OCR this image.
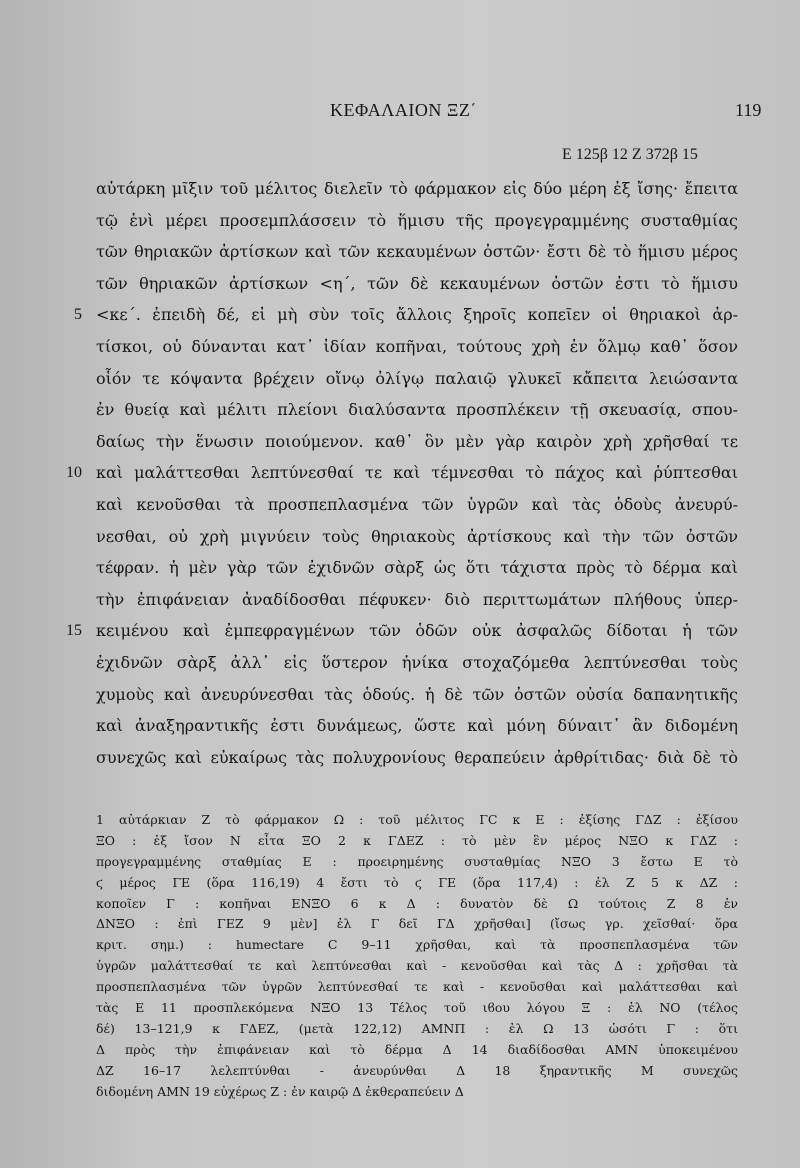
ΚΕΦΑΛΑΙΟΝ ΞΖ΄	119
E 125β 12 Z 372β 15
αὐτάρκη μῖξιν τοῦ μέλιτος διελεῖν τὸ φάρμακον εἰς δύο μέρη ἐξ ἴσης· ἔπειτα
τῷ ἑνὶ μέρει προσεμπλάσσειν τὸ ἥμισυ τῆς προγεγραμμένης συσταθμίας
τῶν θηριακῶν ἀρτίσκων καὶ τῶν κεκαυμένων ὀστῶν· ἔστι δὲ τὸ ἥμισυ μέρος
τῶν θηριακῶν ἀρτίσκων <η΄, τῶν δὲ κεκαυμένων ὀστῶν ἐστι τὸ ἥμισυ
5 <κε΄. ἐπειδὴ δέ, εἰ μὴ σὺν τοῖς ἄλλοις ξηροῖς κοπεῖεν οἱ θηριακοὶ ἀρ-
τίσκοι, οὐ δύνανται κατ᾽ ἰδίαν κοπῆναι, τούτους χρὴ ἐν ὅλμῳ καθ᾽ ὅσον
οἷόν τε κόψαντα βρέχειν οἴνῳ ὀλίγῳ παλαιῷ γλυκεῖ κἄπειτα λειώσαντα
ἐν θυείᾳ καὶ μέλιτι πλείονι διαλύσαντα προσπλέκειν τῇ σκευασίᾳ, σπου-
δαίως τὴν ἕνωσιν ποιούμενον. καθ᾽ ὃν μὲν γὰρ καιρὸν χρὴ χρῆσθαί τε
10 καὶ μαλάττεσθαι λεπτύνεσθαί τε καὶ τέμνεσθαι τὸ πάχος καὶ ῥύπτεσθαι
καὶ κενοῦσθαι τὰ προσπεπλασμένα τῶν ὑγρῶν καὶ τὰς ὁδοὺς ἀνευρύ-
νεσθαι, οὐ χρὴ μιγνύειν τοὺς θηριακοὺς ἀρτίσκους καὶ τὴν τῶν ὀστῶν
τέφραν. ἡ μὲν γὰρ τῶν ἐχιδνῶν σὰρξ ὡς ὅτι τάχιστα πρὸς τὸ δέρμα καὶ
τὴν ἐπιφάνειαν ἀναδίδοσθαι πέφυκεν· διὸ περιττωμάτων πλήθους ὑπερ-
15 κειμένου καὶ ἐμπεφραγμένων τῶν ὁδῶν οὐκ ἀσφαλῶς δίδοται ἡ τῶν
ἐχιδνῶν σὰρξ ἀλλ᾽ εἰς ὕστερον ἡνίκα στοχαζόμεθα λεπτύνεσθαι τοὺς
χυμοὺς καὶ ἀνευρύνεσθαι τὰς ὁδούς. ἡ δὲ τῶν ὀστῶν οὐσία δαπανητικῆς
καὶ ἀναξηραντικῆς ἐστι δυνάμεως, ὥστε καὶ μόνη δύναιτ᾽ ἂν διδομένη
συνεχῶς καὶ εὐκαίρως τὰς πολυχρονίους θεραπεύειν ἀρθρίτιδας· διὰ δὲ τὸ
1 αὐτάρκιαν Z τὸ φάρμακον Ω : τοῦ μέλιτος ΓC κ E : ἐξίσης ΓΔΖ : ἐξίσου
ΞΟ : ἐξ ἴσον N εἶτα ΞΟ 2 κ ΓΔΕΖ : τὸ μὲν ἓν μέρος ΝΞΟ κ ΓΔΖ :
προγεγραμμένης σταθμίας E : προειρημένης συσταθμίας ΝΞΟ 3 ἔστω E τὸ
ϛ μέρος ΓΕ (ὅρα 116,19) 4 ἔστι τὸ ϛ ΓΕ (ὅρα 117,4) : ἐλ Z 5 κ ΔΖ :
κοποῖεν Γ : κοπῆναι ΕΝΞΟ 6 κ Δ : δυνατὸν δὲ Ω τούτοις Z 8 ἐν
ΔΝΞΟ : ἐπὶ ΓΕΖ 9 μὲν] ἐλ Γ δεῖ ΓΔ χρῆσθαι] (ἴσως γρ. χεῖσθαί· ὅρα
κριτ. σημ.) : humectare C 9–11 χρῆσθαι, καὶ τὰ προσπεπλασμένα τῶν
ὑγρῶν μαλάττεσθαί τε καὶ λεπτύνεσθαι καὶ - κενοῦσθαι καὶ τὰς Δ : χρῆσθαι τὰ
προσπεπλασμένα τῶν ὑγρῶν λεπτύνεσθαί τε καὶ - κενοῦσθαι καὶ μαλάττεσθαι καὶ
τὰς E 11 προσπλεκόμενα ΝΞΟ 13 Τέλος τοῦ ιϐου λόγου Ξ : ἐλ ΝΟ (τέλος
δέ) 13–121,9 κ ΓΔΕΖ, (μετὰ 122,12) ΑΜΝΠ : ἐλ Ω 13 ὡσότι Γ : ὅτι
Δ πρὸς τὴν ἐπιφάνειαν καὶ τὸ δέρμα Δ 14 διαδίδοσθαι ΑΜΝ ὑποκειμένου
ΔΖ 16–17 λελεπτύνθαι - ἀνευρύνθαι Δ 18 ξηραντικῆς M συνεχῶς
διδομένη ΑΜΝ 19 εὐχέρως Z : ἐν καιρῷ Δ ἐκθεραπεύειν Δ
